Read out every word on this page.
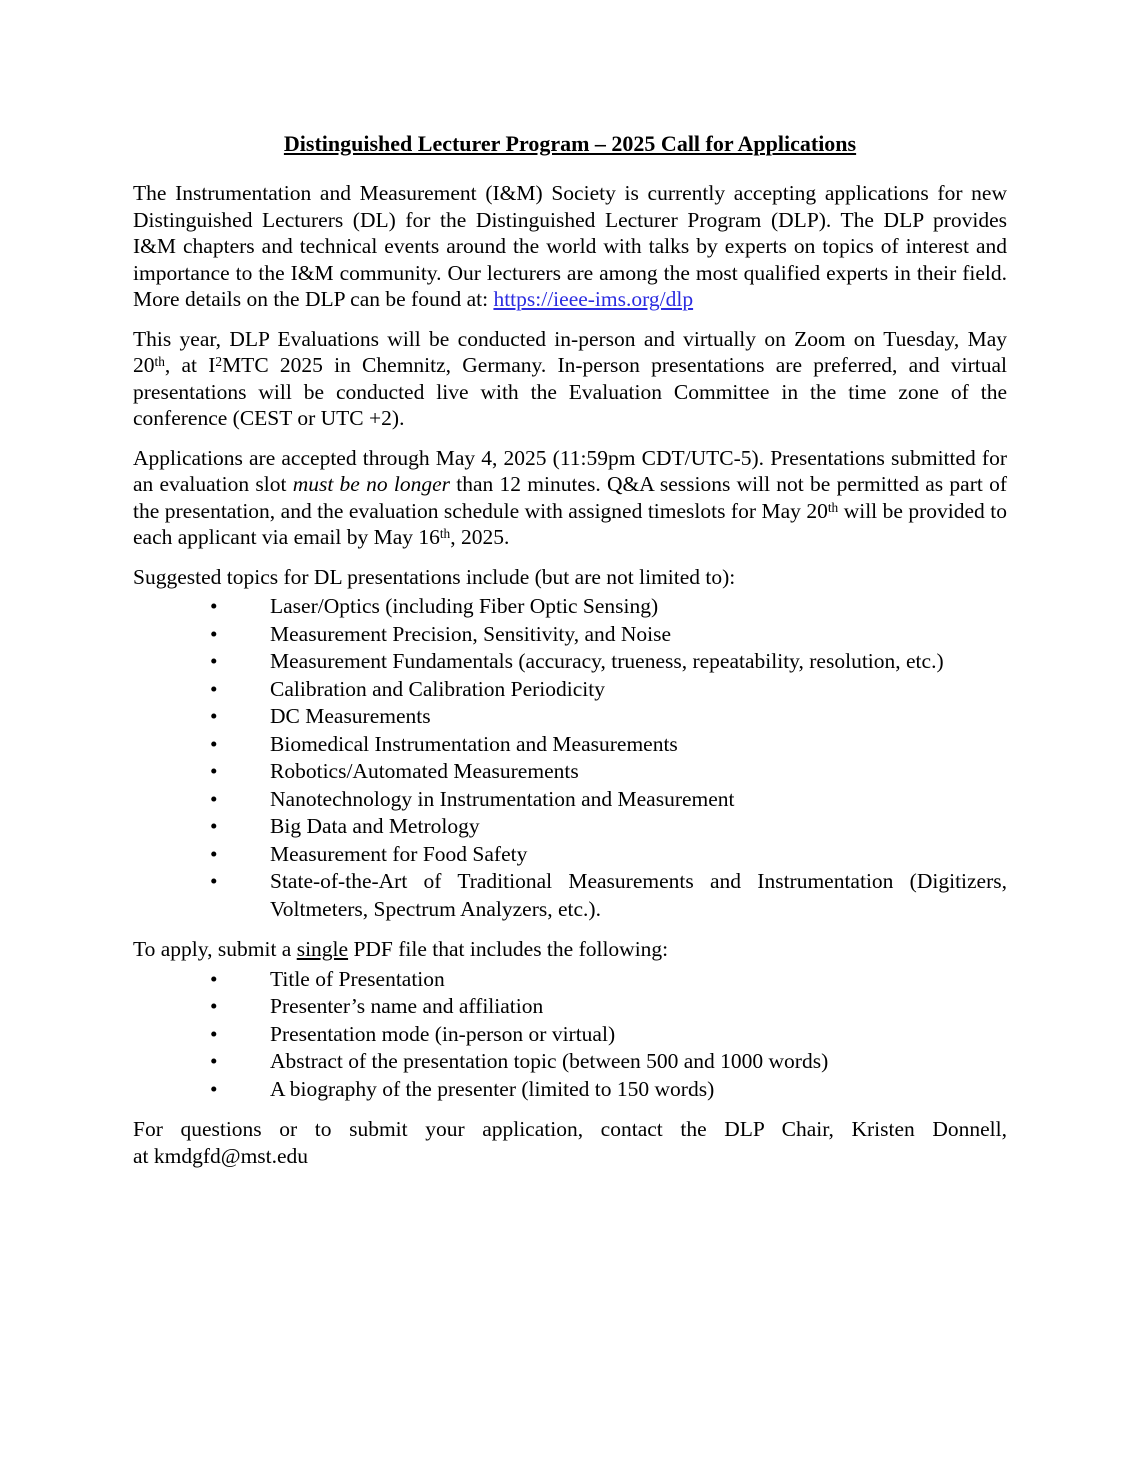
Distinguished Lecturer Program – 2025 Call for Applications

The Instrumentation and Measurement (I&M) Society is currently accepting applications for new Distinguished Lecturers (DL) for the Distinguished Lecturer Program (DLP). The DLP provides I&M chapters and technical events around the world with talks by experts on topics of interest and importance to the I&M community. Our lecturers are among the most qualified experts in their field. More details on the DLP can be found at: https://ieee-ims.org/dlp

This year, DLP Evaluations will be conducted in-person and virtually on Zoom on Tuesday, May 20th, at $I^2MTC$ 2025 in Chemnitz, Germany. In-person presentations are preferred, and virtual presentations will be conducted live with the Evaluation Committee in the time zone of the conference (CEST or UTC +2).

Applications are accepted through May 4, 2025 (11:59pm CDT/UTC-5). Presentations submitted for an evaluation slot must be no longer than 12 minutes. Q&A sessions will not be permitted as part of the presentation, and the evaluation schedule with assigned timeslots for May 20th will be provided to each applicant via email by May 16th, 2025.

Suggested topics for DL presentations include (but are not limited to):

• Laser/Optics (including Fiber Optic Sensing)
• Measurement Precision, Sensitivity, and Noise
• Measurement Fundamentals (accuracy, trueness, repeatability, resolution, etc.)
• Calibration and Calibration Periodicity
• DC Measurements
• Biomedical Instrumentation and Measurements
• Robotics/Automated Measurements
• Nanotechnology in Instrumentation and Measurement
• Big Data and Metrology
• Measurement for Food Safety
• State-of-the-Art of Traditional Measurements and Instrumentation (Digitizers, Voltmeters, Spectrum Analyzers, etc.).

To apply, submit a single PDF file that includes the following:

• Title of Presentation
• Presenter’s name and affiliation
• Presentation mode (in-person or virtual)
• Abstract of the presentation topic (between 500 and 1000 words)
• A biography of the presenter (limited to 150 words)

For questions or to submit your application, contact the DLP Chair, Kristen Donnell,

at kmdgfd@mst.edu
